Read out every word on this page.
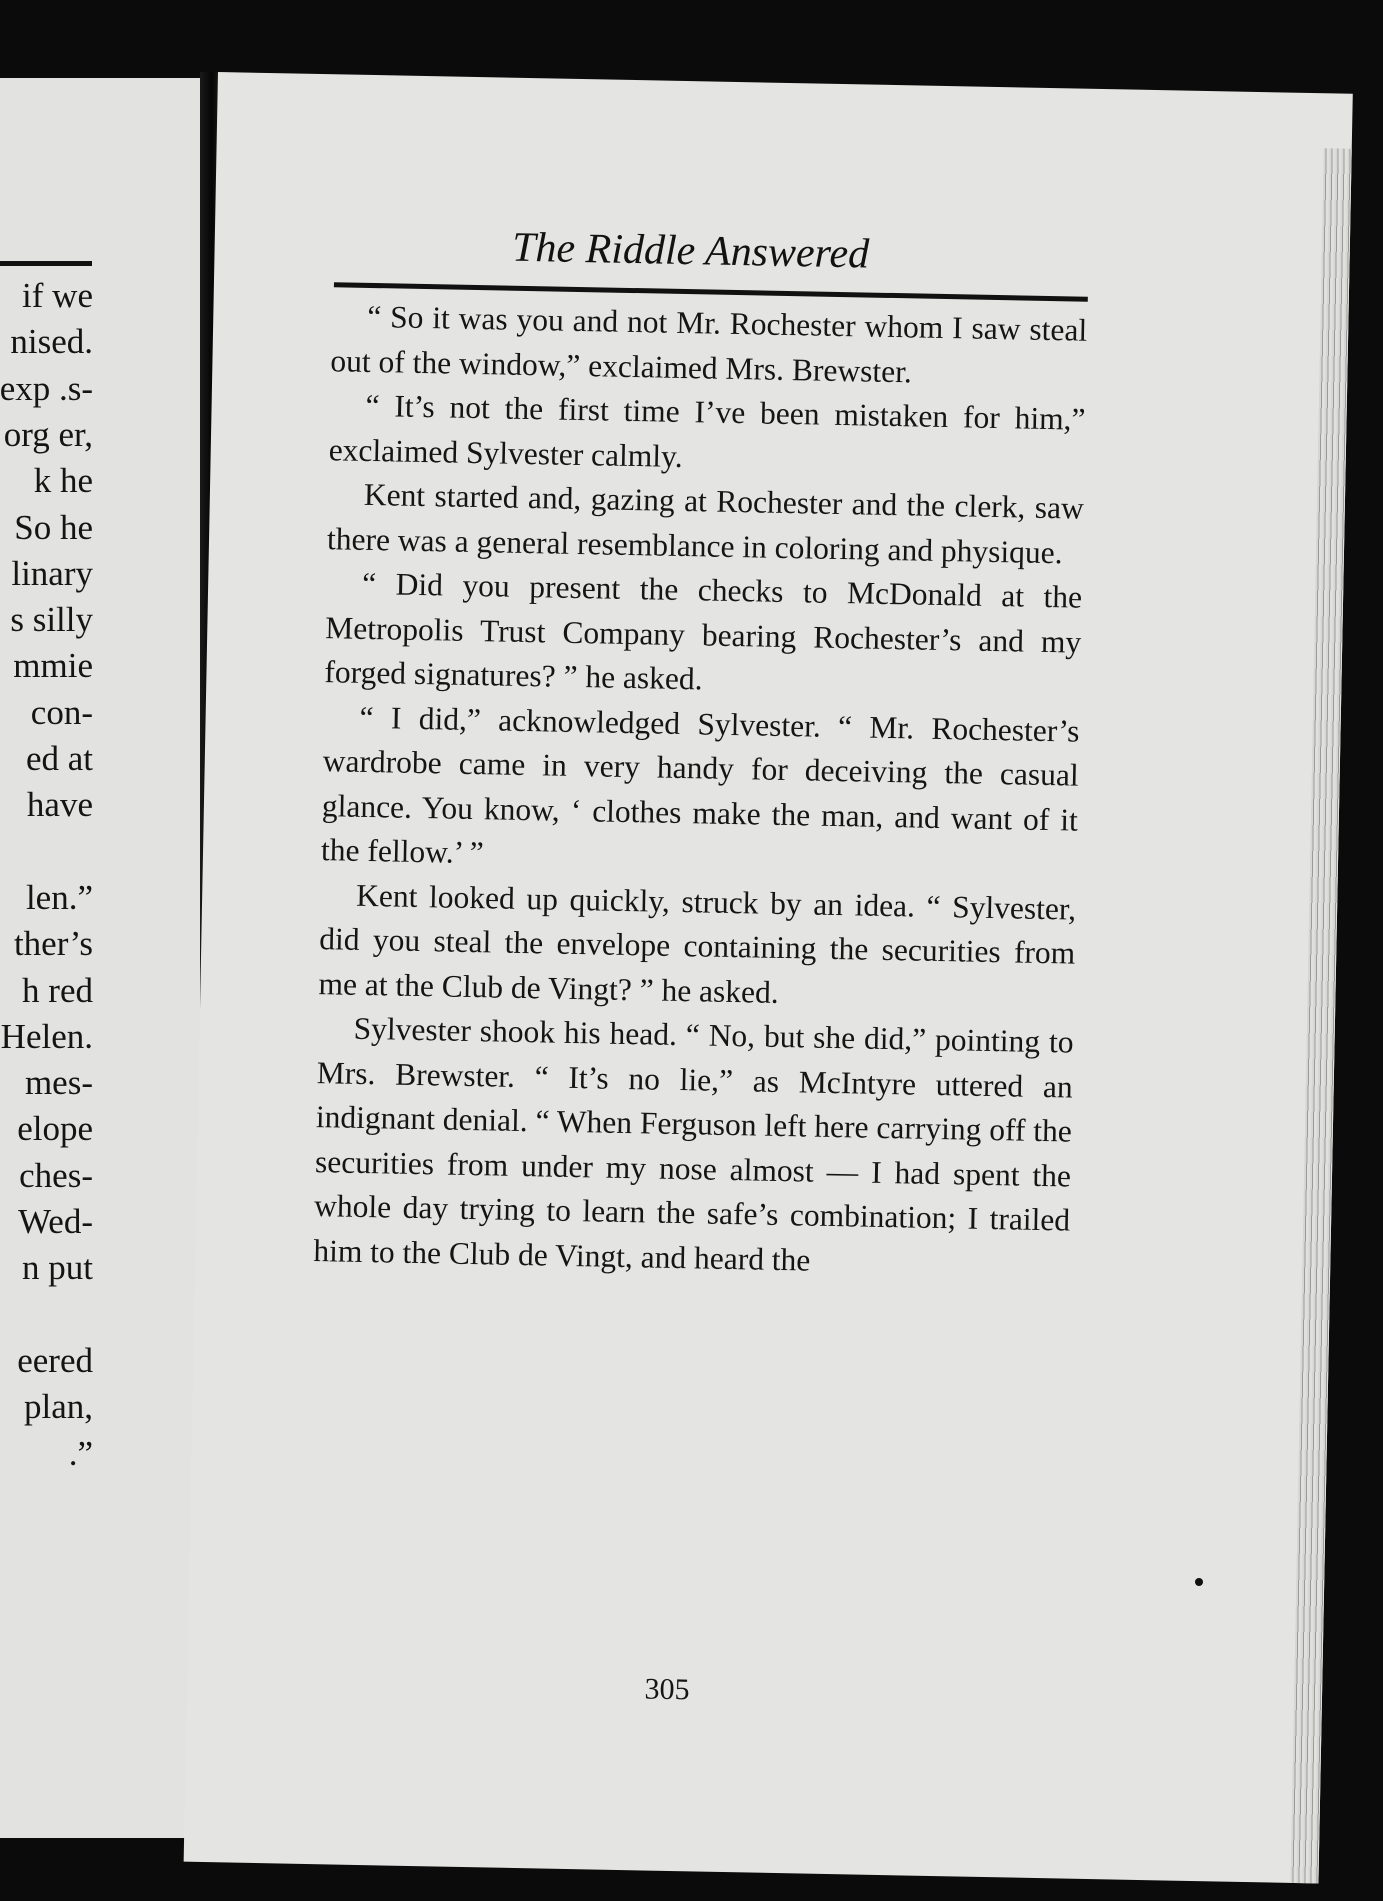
if we

nised.

exp .s-

org er,

k he

So he

linary

s silly

mmie

con-

ed at

have

len.”

ther’s

h red

Helen.

mes-

elope

ches-

Wed-

n put

eered

plan,

.”

The Riddle Answered

“ So it was you and not Mr. Rochester whom I saw steal out of the window,” exclaimed Mrs. Brewster.

“ It’s not the first time I’ve been mistaken for him,” exclaimed Sylvester calmly.

Kent started and, gazing at Rochester and the clerk, saw there was a general resemblance in coloring and physique.

“ Did you present the checks to McDonald at the Metropolis Trust Company bearing Rochester’s and my forged signatures? ” he asked.

“ I did,” acknowledged Sylvester. “ Mr. Rochester’s wardrobe came in very handy for deceiving the casual glance. You know, ‘ clothes make the man, and want of it the fellow.’ ”

Kent looked up quickly, struck by an idea. “ Sylvester, did you steal the envelope containing the securities from me at the Club de Vingt? ” he asked.

Sylvester shook his head. “ No, but she did,” pointing to Mrs. Brewster. “ It’s no lie,” as McIntyre uttered an indignant denial. “ When Ferguson left here carrying off the securities from under my nose almost — I had spent the whole day trying to learn the safe’s combination; I trailed him to the Club de Vingt, and heard the

305
